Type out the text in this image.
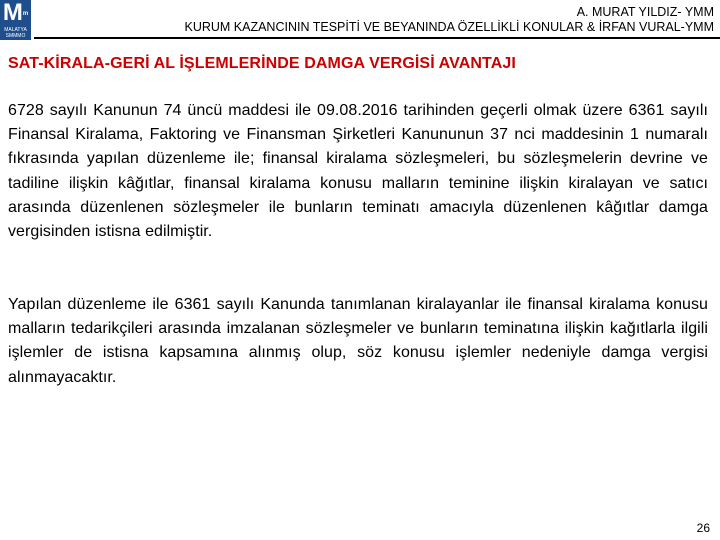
$M^m$
MALATYA
SMMMO
A. MURAT YILDIZ- YMM
KURUM KAZANCININ TESPİTİ VE BEYANINDA ÖZELLİKLİ KONULAR & İRFAN VURAL-YMM
SAT-KİRALA-GERİ AL İŞLEMLERİNDE DAMGA VERGİSİ AVANTAJI

6728 sayılı Kanunun 74 üncü maddesi ile 09.08.2016 tarihinden geçerli olmak üzere 6361 sayılı Finansal Kiralama, Faktoring ve Finansman Şirketleri Kanununun 37 nci maddesinin 1 numaralı fıkrasında yapılan düzenleme ile; finansal kiralama sözleşmeleri, bu sözleşmelerin devrine ve tadiline ilişkin kâğıtlar, finansal kiralama konusu malların teminine ilişkin kiralayan ve satıcı arasında düzenlenen sözleşmeler ile bunların teminatı amacıyla düzenlenen kâğıtlar damga vergisinden istisna edilmiştir.

Yapılan düzenleme ile 6361 sayılı Kanunda tanımlanan kiralayanlar ile finansal kiralama konusu malların tedarikçileri arasında imzalanan sözleşmeler ve bunların teminatına ilişkin kağıtlarla ilgili işlemler de istisna kapsamına alınmış olup, söz konusu işlemler nedeniyle damga vergisi alınmayacaktır.

26
